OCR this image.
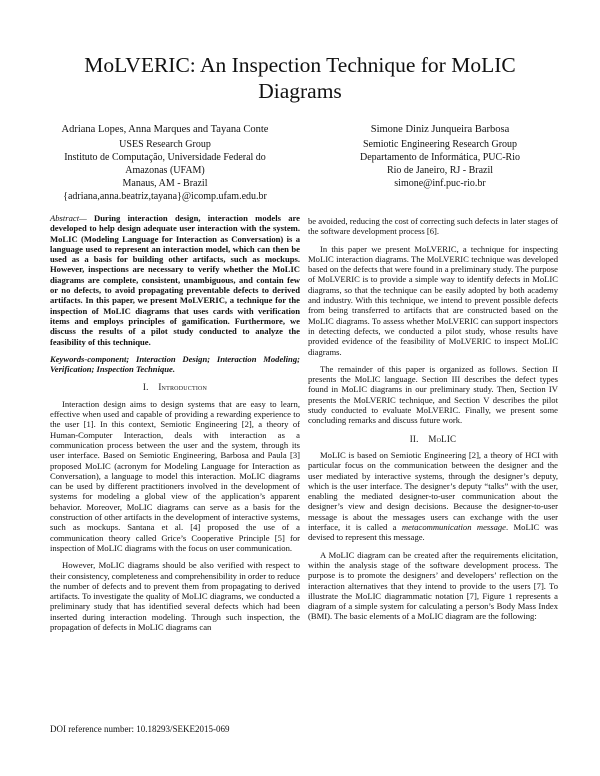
MoLVERIC: An Inspection Technique for MoLIC
Diagrams
Adriana Lopes, Anna Marques and Tayana Conte
USES Research Group
Instituto de Computação, Universidade Federal do
Amazonas (UFAM)
Manaus, AM - Brazil
{adriana,anna.beatriz,tayana}@icomp.ufam.edu.br
Simone Diniz Junqueira Barbosa
Semiotic Engineering Research Group
Departamento de Informática, PUC-Rio
Rio de Janeiro, RJ - Brazil
simone@inf.puc-rio.br

Abstract— During interaction design, interaction models are developed to help design adequate user interaction with the system. MoLIC (Modeling Language for Interaction as Conversation) is a language used to represent an interaction model, which can then be used as a basis for building other artifacts, such as mockups. However, inspections are necessary to verify whether the MoLIC diagrams are complete, consistent, unambiguous, and contain few or no defects, to avoid propagating preventable defects to derived artifacts. In this paper, we present MoLVERIC, a technique for the inspection of MoLIC diagrams that uses cards with verification items and employs principles of gamification. Furthermore, we discuss the results of a pilot study conducted to analyze the feasibility of this technique.

Keywords-component; Interaction Design; Interaction Modeling; Verification; Inspection Technique.

I. Introduction

Interaction design aims to design systems that are easy to learn, effective when used and capable of providing a rewarding experience to the user [1]. In this context, Semiotic Engineering [2], a theory of Human-Computer Interaction, deals with interaction as a communication process between the user and the system, through its user interface. Based on Semiotic Engineering, Barbosa and Paula [3] proposed MoLIC (acronym for Modeling Language for Interaction as Conversation), a language to model this interaction. MoLIC diagrams can be used by different practitioners involved in the development of systems for modeling a global view of the application’s apparent behavior. Moreover, MoLIC diagrams can serve as a basis for the construction of other artifacts in the development of interactive systems, such as mockups. Santana et al. [4] proposed the use of a communication theory called Grice’s Cooperative Principle [5] for inspection of MoLIC diagrams with the focus on user communication.

However, MoLIC diagrams should be also verified with respect to their consistency, completeness and comprehensibility in order to reduce the number of defects and to prevent them from propagating to derived artifacts. To investigate the quality of MoLIC diagrams, we conducted a preliminary study that has identified several defects which had been inserted during interaction modeling. Through such inspection, the propagation of defects in MoLIC diagrams can

be avoided, reducing the cost of correcting such defects in later stages of the software development process [6].

In this paper we present MoLVERIC, a technique for inspecting MoLIC interaction diagrams. The MoLVERIC technique was developed based on the defects that were found in a preliminary study. The purpose of MoLVERIC is to provide a simple way to identify defects in MoLIC diagrams, so that the technique can be easily adopted by both academy and industry. With this technique, we intend to prevent possible defects from being transferred to artifacts that are constructed based on the MoLIC diagrams. To assess whether MoLVERIC can support inspectors in detecting defects, we conducted a pilot study, whose results have provided evidence of the feasibility of MoLVERIC to inspect MoLIC diagrams.

The remainder of this paper is organized as follows. Section II presents the MoLIC language. Section III describes the defect types found in MoLIC diagrams in our preliminary study. Then, Section IV presents the MoLVERIC technique, and Section V describes the pilot study conducted to evaluate MoLVERIC. Finally, we present some concluding remarks and discuss future work.

II. MoLIC

MoLIC is based on Semiotic Engineering [2], a theory of HCI with particular focus on the communication between the designer and the user mediated by interactive systems, through the designer’s deputy, which is the user interface. The designer’s deputy “talks” with the user, enabling the mediated designer-to-user communication about the designer’s view and design decisions. Because the designer-to-user message is about the messages users can exchange with the user interface, it is called a metacommunication message. MoLIC was devised to represent this message.

A MoLIC diagram can be created after the requirements elicitation, within the analysis stage of the software development process. The purpose is to promote the designers’ and developers’ reflection on the interaction alternatives that they intend to provide to the users [7]. To illustrate the MoLIC diagrammatic notation [7], Figure 1 represents a diagram of a simple system for calculating a person’s Body Mass Index (BMI). The basic elements of a MoLIC diagram are the following:

DOI reference number: 10.18293/SEKE2015-069
